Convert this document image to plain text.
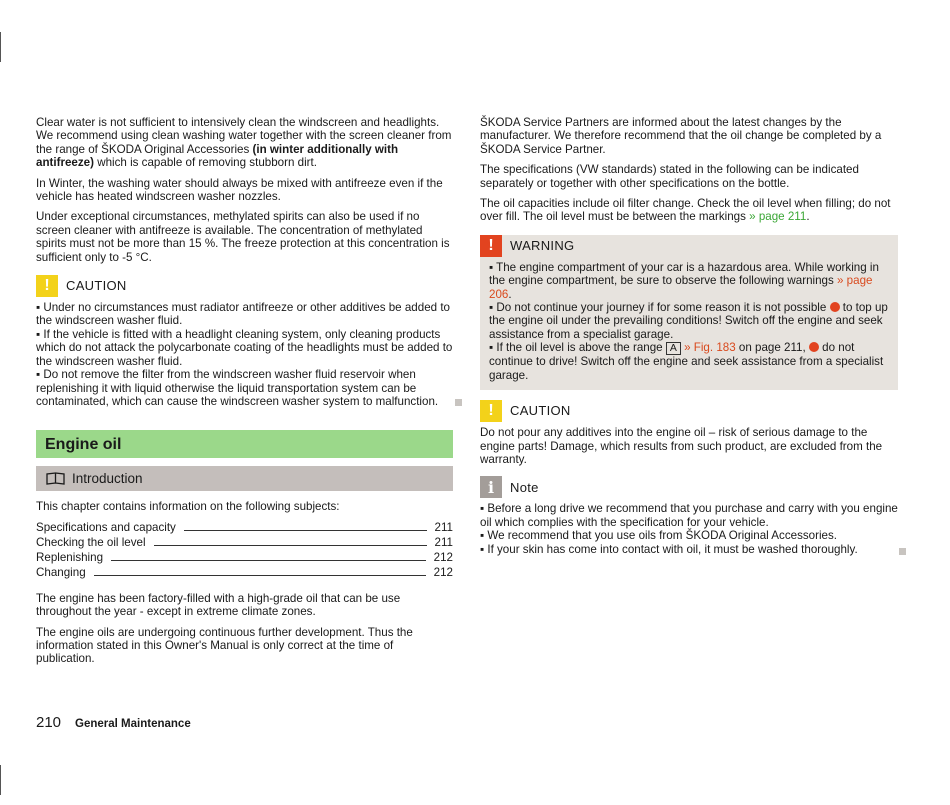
Clear water is not sufficient to intensively clean the windscreen and headlights. We recommend using clean washing water together with the screen cleaner from the range of ŠKODA Original Accessories (in winter additionally with antifreeze) which is capable of removing stubborn dirt.

In Winter, the washing water should always be mixed with antifreeze even if the vehicle has heated windscreen washer nozzles.

Under exceptional circumstances, methylated spirits can also be used if no screen cleaner with antifreeze is available. The concentration of methylated spirits must not be more than 15 %. The freeze protection at this concentration is sufficient only to -5 °C.

!	CAUTION

▪ Under no circumstances must radiator antifreeze or other additives be added to the windscreen washer fluid.

▪ If the vehicle is fitted with a headlight cleaning system, only cleaning products which do not attack the polycarbonate coating of the headlights must be added to the windscreen washer fluid.

▪ Do not remove the filter from the windscreen washer fluid reservoir when replenishing it with liquid otherwise the liquid transportation system can be contaminated, which can cause the windscreen washer system to malfunction.

Engine oil
Introduction

This chapter contains information on the following subjects:

Specifications and capacity	211
Checking the oil level	211
Replenishing	212
Changing	212

The engine has been factory-filled with a high-grade oil that can be use throughout the year - except in extreme climate zones.

The engine oils are undergoing continuous further development. Thus the information stated in this Owner's Manual is only correct at the time of publication.

ŠKODA Service Partners are informed about the latest changes by the manufacturer. We therefore recommend that the oil change be completed by a ŠKODA Service Partner.

The specifications (VW standards) stated in the following can be indicated separately or together with other specifications on the bottle.

The oil capacities include oil filter change. Check the oil level when filling; do not over fill. The oil level must be between the markings » page 211.

!	WARNING

▪ The engine compartment of your car is a hazardous area. While working in the engine compartment, be sure to observe the following warnings » page 206.

▪ Do not continue your journey if for some reason it is not possible  to top up the engine oil under the prevailing conditions! Switch off the engine and seek assistance from a specialist garage.

▪ If the oil level is above the range A » Fig. 183 on page 211,  do not continue to drive! Switch off the engine and seek assistance from a specialist garage.

!	CAUTION

Do not pour any additives into the engine oil – risk of serious damage to the engine parts! Damage, which results from such product, are excluded from the warranty.

i	Note

▪ Before a long drive we recommend that you purchase and carry with you engine oil which complies with the specification for your vehicle.

▪ We recommend that you use oils from ŠKODA Original Accessories.

▪ If your skin has come into contact with oil, it must be washed thoroughly.

210 General Maintenance
